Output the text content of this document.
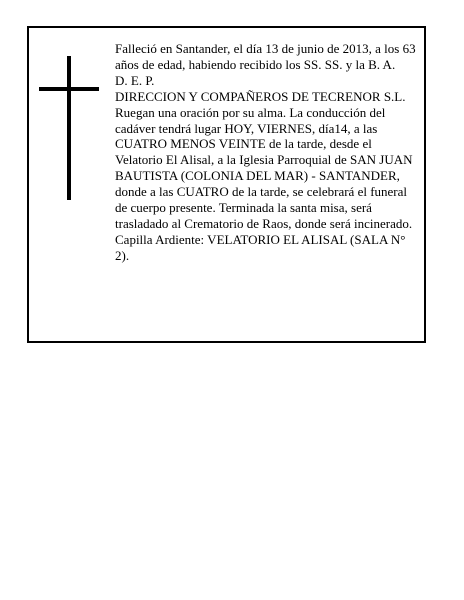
Falleció en Santander, el día 13 de junio de 2013, a los 63 años de edad, habiendo recibido los SS. SS. y la B. A.

D. E. P.

DIRECCION Y COMPAÑEROS DE TECRENOR S.L. Ruegan una oración por su alma. La conducción del cadáver tendrá lugar HOY, VIERNES, día14, a las CUATRO MENOS VEINTE de la tarde, desde el Velatorio El Alisal, a la Iglesia Parroquial de SAN JUAN BAUTISTA (COLONIA DEL MAR) - SANTANDER, donde a las CUATRO de la tarde, se celebrará el funeral de cuerpo presente. Terminada la santa misa, será trasladado al Crematorio de Raos, donde será incinerado. Capilla Ardiente: VELATORIO EL ALISAL (SALA N° 2).
